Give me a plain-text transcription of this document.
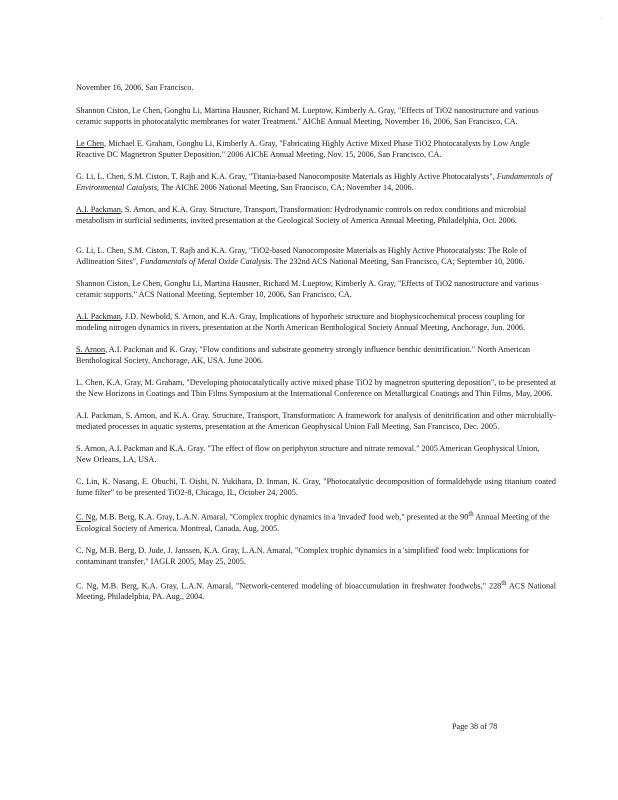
·

November 16, 2006, San Francisco.

Shannon Ciston, Le Chen, Gonghu Li, Martina Hausner, Richard M. Lueptow, Kimberly A. Gray, "Effects of TiO2 nanostructure and various ceramic supports in photocatalytic membranes for water Treatment." AIChE Annual Meeting, November 16, 2006, San Francisco, CA.

Le Chen, Michael E. Graham, Gonghu Li, Kimberly A. Gray, "Fabricating Highly Active Mixed Phase TiO2 Photocatalysts by Low Angle Reactive DC Magnetron Sputter Deposition." 2006 AIChE Annual Meeting, Nov. 15, 2006, San Francisco, CA.

G. Li, L. Chen, S.M. Ciston, T. Rajh and K.A. Gray, "Titania-based Nanocomposite Materials as Highly Active Photocatalysts", Fundamentals of Environmental Catalysis, The AIChE 2006 National Meeting, San Francisco, CA; November 14, 2006.

A.I. Packman, S. Arnon, and K.A. Gray. Structure, Transport, Transformation: Hydrodynamic controls on redox conditions and microbial metabolism in surficial sediments, invited presentation at the Geological Society of America Annual Meeting, Philadelphia, Oct. 2006.

G. Li, L. Chen, S.M. Ciston, T. Rajh and K.A. Gray, "TiO2-based Nanocomposite Materials as Highly Active Photocatalysts: The Role of Adlineation Sites", Fundamentals of Metal Oxide Catalysis. The 232nd ACS National Meeting, San Francisco, CA; September 10, 2006.

Shannon Ciston, Le Chen, Gonghu Li, Martina Hausner, Richard M. Lueptow, Kimberly A. Gray, "Effects of TiO2 nanostructure and various ceramic supports." ACS National Meeting, September 10, 2006, San Francisco, CA.

A.I. Packman, J.D. Newbold, S. Arnon, and K.A. Gray, Implications of hyporheic structure and biophysicochemical process coupling for modeling nitrogen dynamics in rivers, presentation at the North American Benthological Society Annual Meeting, Anchorage, Jun. 2006.

S. Arnon, A.I. Packman and K. Gray, "Flow conditions and substrate geometry strongly influence benthic denitrification." North American Benthological Society, Anchorage, AK, USA. June 2006.

L. Chen, K.A. Gray, M. Graham, "Developing photocatalytically active mixed phase TiO2 by magnetron sputtering deposition", to be presented at the New Horizons in Coatings and Thin Films Symposium at the International Conference on Metallurgical Coatings and Thin Films, May, 2006.

A.I. Packman, S. Arnon, and K.A. Gray. Structure, Transport, Transformation: A framework for analysis of denitrification and other microbially-mediated processes in aquatic systems, presentation at the American Geophysical Union Fall Meeting, San Francisco, Dec. 2005.

S. Arnon, A.I. Packman and K.A. Gray. "The effect of flow on periphyton structure and nitrate removal." 2005 American Geophysical Union, New Orleans, LA, USA.

C. Lin, K. Nasang, E. Obuchi, T. Oishi, N. Yukihara, D. Inman, K. Gray, "Photocatalytic decomposition of formaldehyde using titanium coated fume filter" to be presented TiO2-8, Chicago, IL, October 24, 2005.

C. Ng, M.B. Berg, K.A. Gray, L.A.N. Amaral, "Complex trophic dynamics in a 'invaded' food web," presented at the 90th Annual Meeting of the Ecological Society of America. Montreal, Canada, Aug. 2005.

C. Ng, M.B. Berg, D. Jude, J. Janssen, K.A. Gray, L.A.N. Amaral, "Complex trophic dynamics in a 'simplified' food web: Implications for contaminant transfer," IAGLR 2005, May 25, 2005.

C. Ng, M.B. Berg, K.A. Gray, L.A.N. Amaral, "Network-centered modeling of bioaccumulation in freshwater foodwebs," 228th ACS National Meeting, Philadelphia, PA. Aug., 2004.

Page 38 of 78
